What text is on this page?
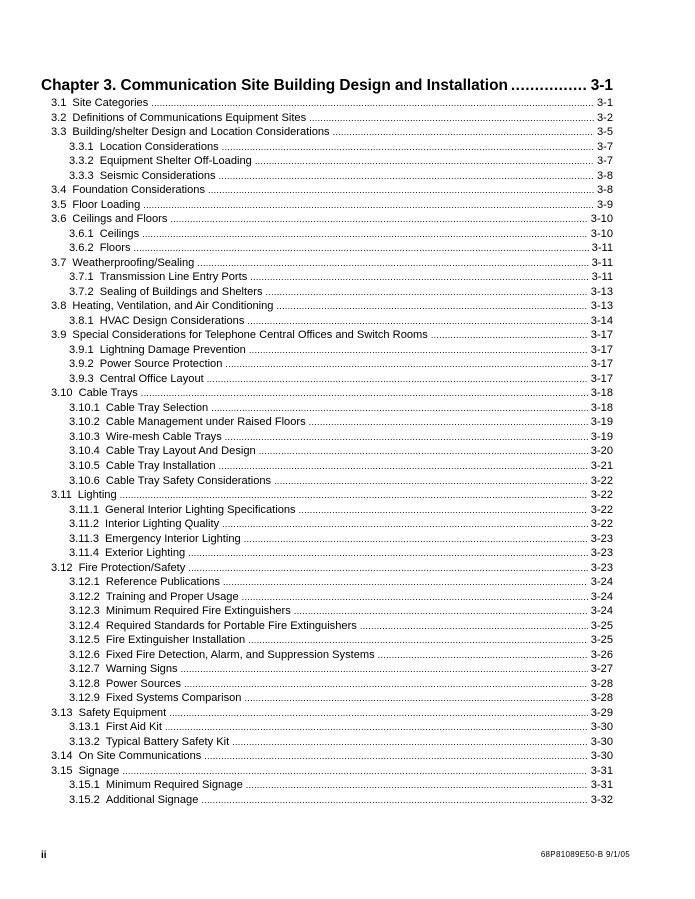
Chapter 3. Communication Site Building Design and Installation .....	3-1
3.1 Site Categories .....	3-1
3.2 Definitions of Communications Equipment Sites .....	3-2
3.3 Building/shelter Design and Location Considerations .....	3-5
3.3.1 Location Considerations .....	3-7
3.3.2 Equipment Shelter Off-Loading .....	3-7
3.3.3 Seismic Considerations .....	3-8
3.4 Foundation Considerations .....	3-8
3.5 Floor Loading .....	3-9
3.6 Ceilings and Floors .....	3-10
3.6.1 Ceilings .....	3-10
3.6.2 Floors .....	3-11
3.7 Weatherproofing/Sealing .....	3-11
3.7.1 Transmission Line Entry Ports .....	3-11
3.7.2 Sealing of Buildings and Shelters .....	3-13
3.8 Heating, Ventilation, and Air Conditioning .....	3-13
3.8.1 HVAC Design Considerations .....	3-14
3.9 Special Considerations for Telephone Central Offices and Switch Rooms .....	3-17
3.9.1 Lightning Damage Prevention .....	3-17
3.9.2 Power Source Protection .....	3-17
3.9.3 Central Office Layout .....	3-17
3.10 Cable Trays .....	3-18
3.10.1 Cable Tray Selection .....	3-18
3.10.2 Cable Management under Raised Floors .....	3-19
3.10.3 Wire-mesh Cable Trays .....	3-19
3.10.4 Cable Tray Layout And Design .....	3-20
3.10.5 Cable Tray Installation .....	3-21
3.10.6 Cable Tray Safety Considerations .....	3-22
3.11 Lighting .....	3-22
3.11.1 General Interior Lighting Specifications .....	3-22
3.11.2 Interior Lighting Quality .....	3-22
3.11.3 Emergency Interior Lighting .....	3-23
3.11.4 Exterior Lighting .....	3-23
3.12 Fire Protection/Safety .....	3-23
3.12.1 Reference Publications .....	3-24
3.12.2 Training and Proper Usage .....	3-24
3.12.3 Minimum Required Fire Extinguishers .....	3-24
3.12.4 Required Standards for Portable Fire Extinguishers .....	3-25
3.12.5 Fire Extinguisher Installation .....	3-25
3.12.6 Fixed Fire Detection, Alarm, and Suppression Systems .....	3-26
3.12.7 Warning Signs .....	3-27
3.12.8 Power Sources .....	3-28
3.12.9 Fixed Systems Comparison .....	3-28
3.13 Safety Equipment .....	3-29
3.13.1 First Aid Kit .....	3-30
3.13.2 Typical Battery Safety Kit .....	3-30
3.14 On Site Communications .....	3-30
3.15 Signage .....	3-31
3.15.1 Minimum Required Signage .....	3-31
3.15.2 Additional Signage .....	3-32
ii	68P81089E50-B 9/1/05
